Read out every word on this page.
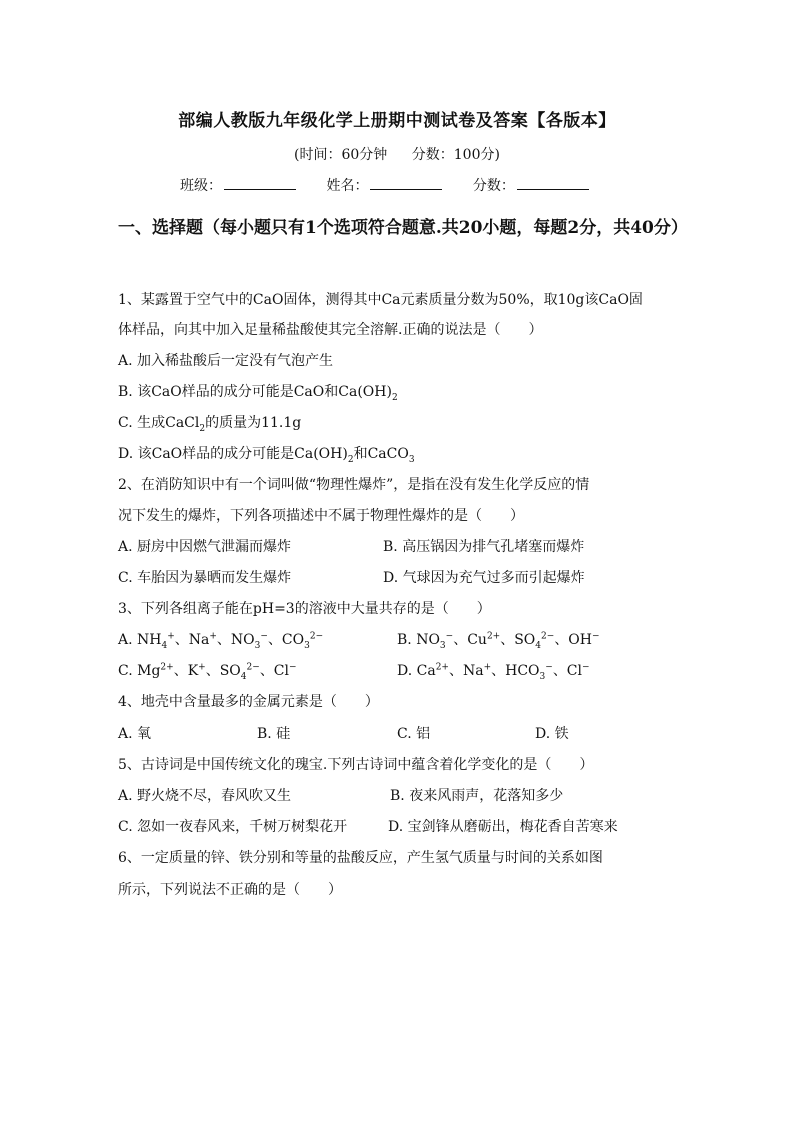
部编人教版九年级化学上册期中测试卷及答案【各版本】
(时间：60分钟 分数：100分)
班级：	姓名：	分数：
一、选择题（每小题只有1个选项符合题意.共20小题，每题2分，共40分）
1、某露置于空气中的CaO固体，测得其中Ca元素质量分数为50%，取10g该CaO固
体样品，向其中加入足量稀盐酸使其完全溶解.正确的说法是（　　）
A. 加入稀盐酸后一定没有气泡产生
B. 该CaO样品的成分可能是CaO和$Ca(OH)_2$
C. 生成CaCl$_2$的质量为11.1g
D. 该CaO样品的成分可能是$Ca(OH)_2$和CaCO$_3$
2、在消防知识中有一个词叫做“物理性爆炸”，是指在没有发生化学反应的情
况下发生的爆炸，下列各项描述中不属于物理性爆炸的是（　　）
A. 厨房中因燃气泄漏而爆炸	B. 高压锅因为排气孔堵塞而爆炸
C. 车胎因为暴晒而发生爆炸	D. 气球因为充气过多而引起爆炸
3、下列各组离子能在pH=3的溶液中大量共存的是（　　）
A. $NH_4^+$、Na+、$NO_3^-$、$CO_3^{2-}$	B. $NO_3^-$、$Cu^{2+}$、$SO_4^{2-}$、OH−
C. $Mg^{2+}$、K+、$SO_4^{2-}$、Cl−	D. $Ca^{2+}$、Na+、$HCO_3^-$、Cl−
4、地壳中含量最多的金属元素是（　　）
A. 氧	B. 硅	C. 铝	D. 铁
5、古诗词是中国传统文化的瑰宝.下列古诗词中蕴含着化学变化的是（　　）
A. 野火烧不尽，春风吹又生	B. 夜来风雨声，花落知多少
C. 忽如一夜春风来，千树万树梨花开	D. 宝剑锋从磨砺出，梅花香自苦寒来
6、一定质量的锌、铁分别和等量的盐酸反应，产生氢气质量与时间的关系如图
所示，下列说法不正确的是（　　）
